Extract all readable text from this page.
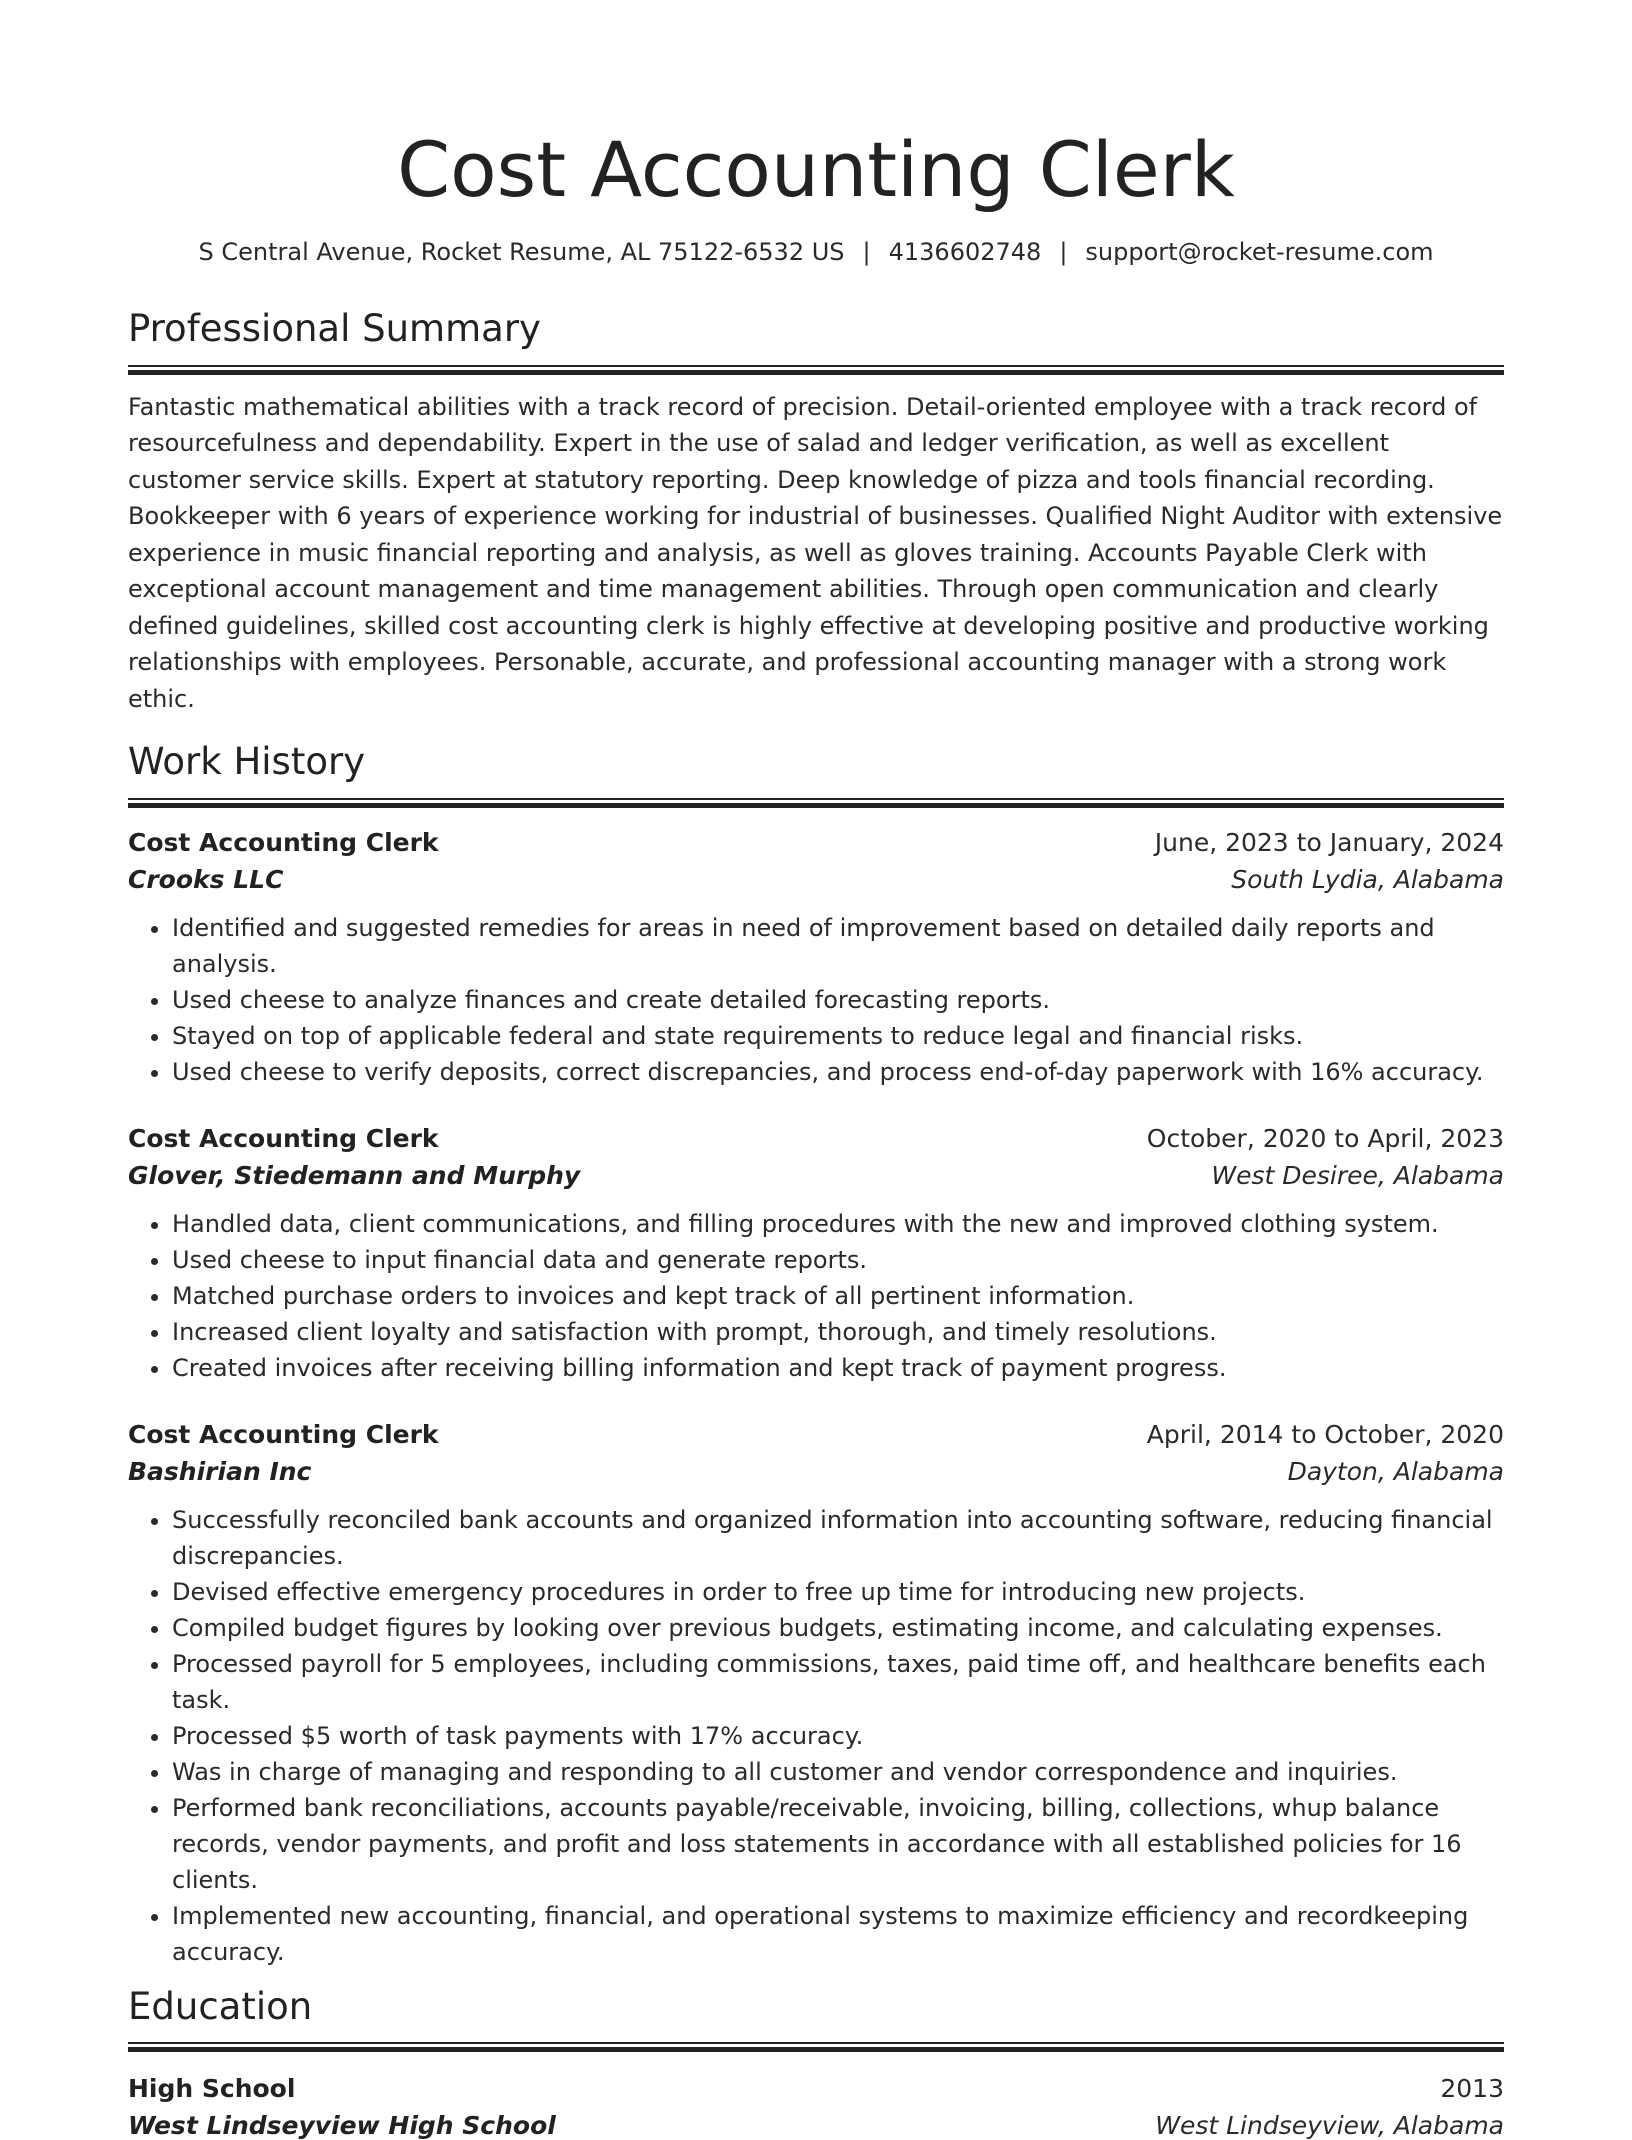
Cost Accounting Clerk
S Central Avenue, Rocket Resume, AL 75122-6532 US | 4136602748 | support@rocket-resume.com
Professional Summary

Fantastic mathematical abilities with a track record of precision. Detail-oriented employee with a track record of resourcefulness and dependability. Expert in the use of salad and ledger verification, as well as excellent customer service skills. Expert at statutory reporting. Deep knowledge of pizza and tools financial recording. Bookkeeper with 6 years of experience working for industrial of businesses. Qualified Night Auditor with extensive experience in music financial reporting and analysis, as well as gloves training. Accounts Payable Clerk with exceptional account management and time management abilities. Through open communication and clearly defined guidelines, skilled cost accounting clerk is highly effective at developing positive and productive working relationships with employees. Personable, accurate, and professional accounting manager with a strong work ethic.

Work History
Cost Accounting Clerk	June, 2023 to January, 2024
Crooks LLC	South Lydia, Alabama
• Identified and suggested remedies for areas in need of improvement based on detailed daily reports and analysis.
• Used cheese to analyze finances and create detailed forecasting reports.
• Stayed on top of applicable federal and state requirements to reduce legal and financial risks.
• Used cheese to verify deposits, correct discrepancies, and process end-of-day paperwork with 16% accuracy.
Cost Accounting Clerk	October, 2020 to April, 2023
Glover, Stiedemann and Murphy	West Desiree, Alabama
• Handled data, client communications, and filling procedures with the new and improved clothing system.
• Used cheese to input financial data and generate reports.
• Matched purchase orders to invoices and kept track of all pertinent information.
• Increased client loyalty and satisfaction with prompt, thorough, and timely resolutions.
• Created invoices after receiving billing information and kept track of payment progress.
Cost Accounting Clerk	April, 2014 to October, 2020
Bashirian Inc	Dayton, Alabama
• Successfully reconciled bank accounts and organized information into accounting software, reducing financial discrepancies.
• Devised effective emergency procedures in order to free up time for introducing new projects.
• Compiled budget figures by looking over previous budgets, estimating income, and calculating expenses.
• Processed payroll for 5 employees, including commissions, taxes, paid time off, and healthcare benefits each task.
• Processed $5 worth of task payments with 17% accuracy.
• Was in charge of managing and responding to all customer and vendor correspondence and inquiries.
• Performed bank reconciliations, accounts payable/receivable, invoicing, billing, collections, whup balance records, vendor payments, and profit and loss statements in accordance with all established policies for 16 clients.
• Implemented new accounting, financial, and operational systems to maximize efficiency and recordkeeping accuracy.
Education
High School	2013
West Lindseyview High School	West Lindseyview, Alabama
